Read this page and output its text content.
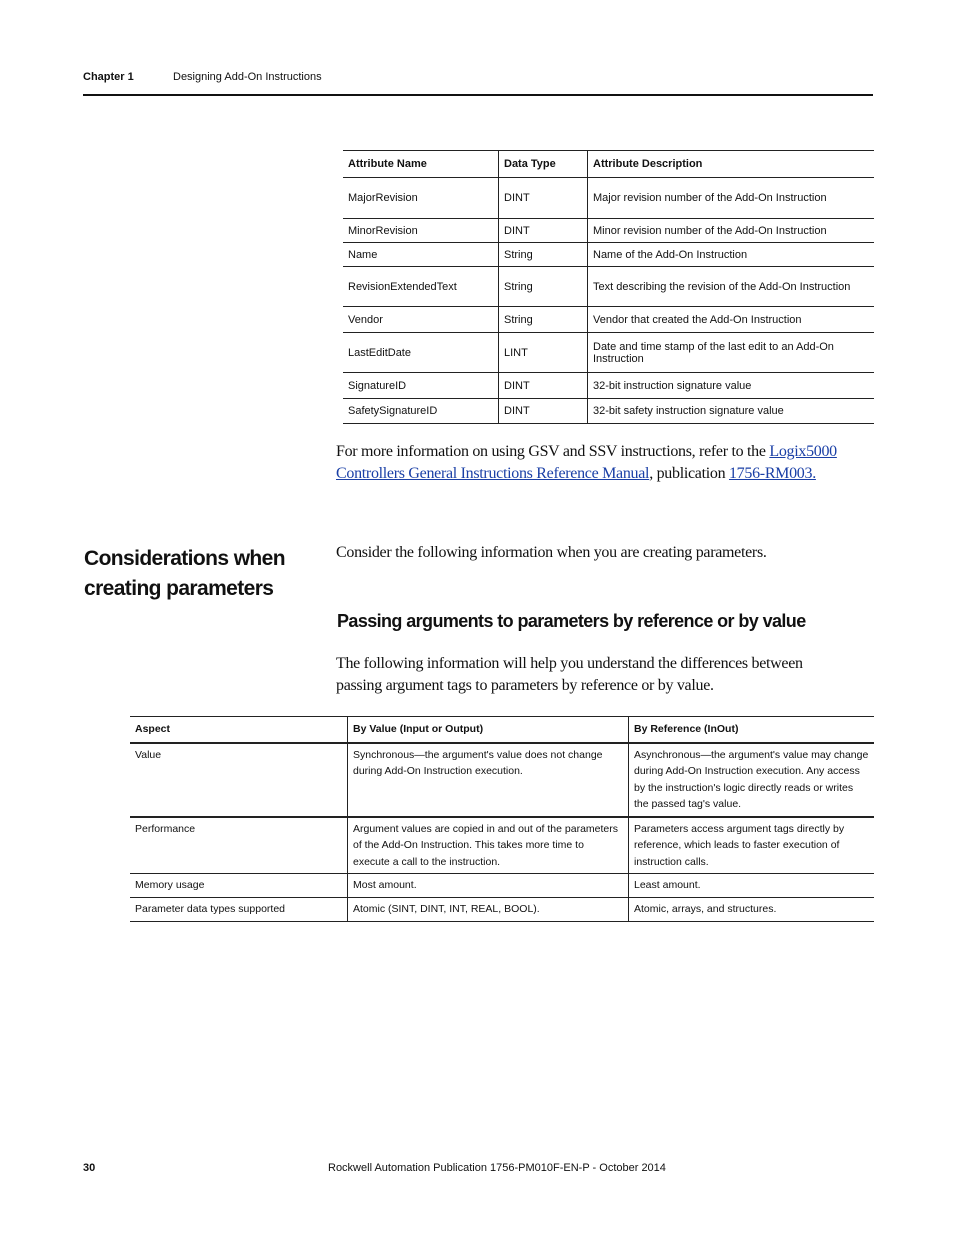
Chapter 1	Designing Add-On Instructions
Attribute Name	Data Type	Attribute Description
MajorRevision	DINT	Major revision number of the Add-On Instruction
MinorRevision	DINT	Minor revision number of the Add-On Instruction
Name	String	Name of the Add-On Instruction
RevisionExtendedText	String	Text describing the revision of the Add-On Instruction
Vendor	String	Vendor that created the Add-On Instruction
LastEditDate	LINT	Date and time stamp of the last edit to an Add-On Instruction
SignatureID	DINT	32-bit instruction signature value
SafetySignatureID	DINT	32-bit safety instruction signature value
For more information on using GSV and SSV instructions, refer to the Logix5000 Controllers General Instructions Reference Manual, publication 1756-RM003.
Considerations when
creating parameters
Consider the following information when you are creating parameters.
Passing arguments to parameters by reference or by value
The following information will help you understand the differences between passing argument tags to parameters by reference or by value.
Aspect	By Value (Input or Output)	By Reference (InOut)
Value	Synchronous—the argument's value does not change during Add-On Instruction execution.	Asynchronous—the argument's value may change during Add-On Instruction execution. Any access by the instruction's logic directly reads or writes the passed tag's value.
Performance	Argument values are copied in and out of the parameters of the Add-On Instruction. This takes more time to execute a call to the instruction.	Parameters access argument tags directly by reference, which leads to faster execution of instruction calls.
Memory usage	Most amount.	Least amount.
Parameter data types supported	Atomic (SINT, DINT, INT, REAL, BOOL).	Atomic, arrays, and structures.
30	Rockwell Automation Publication 1756-PM010F-EN-P - October 2014
